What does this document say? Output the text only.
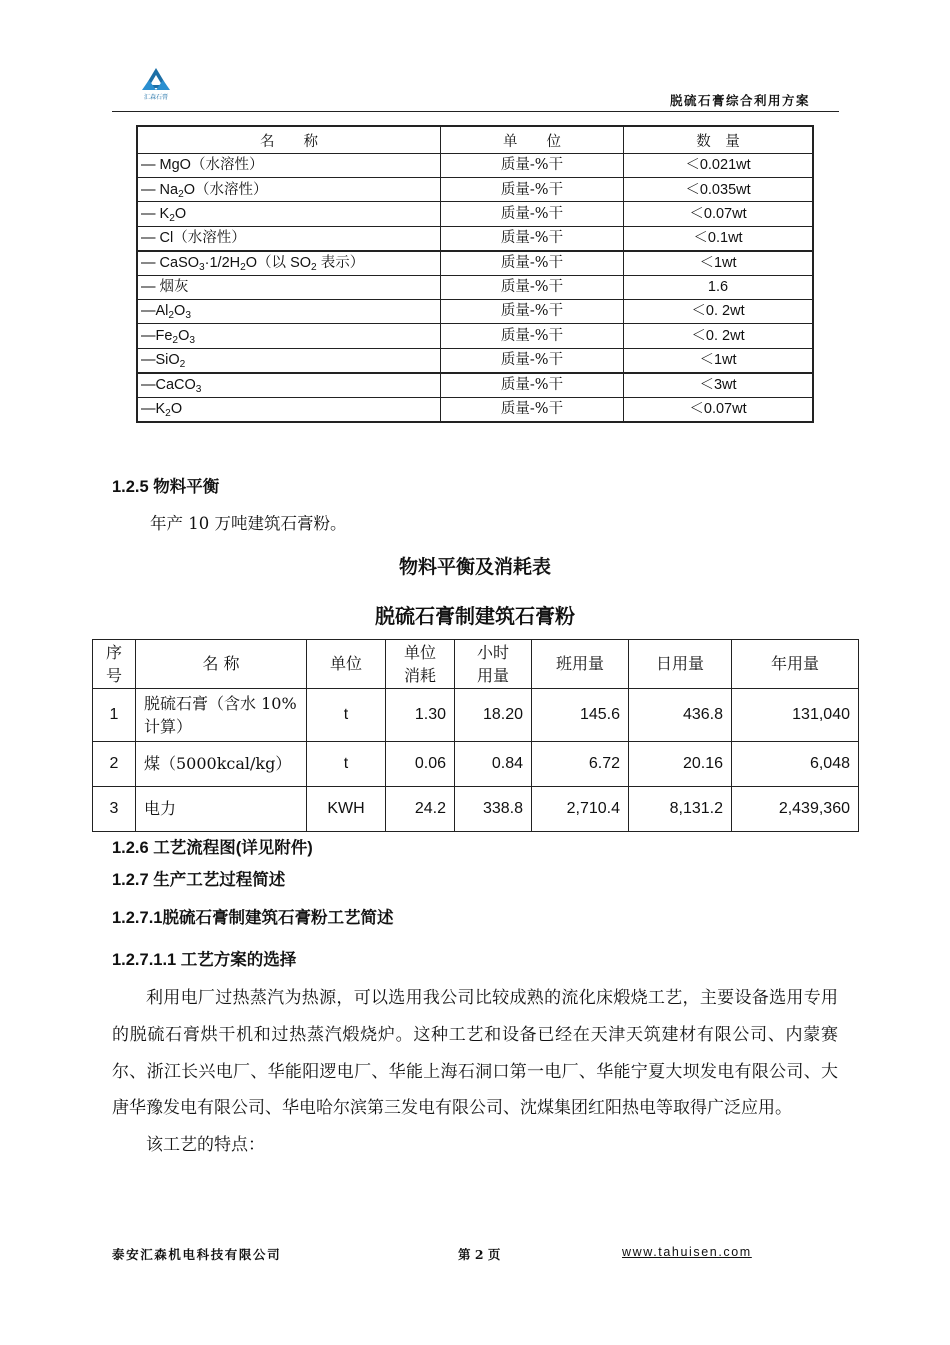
汇森石膏	脱硫石膏综合利用方案
名　　称	单　　位	数　量
— MgO（水溶性）	质量-%干	＜0.021wt
— $Na_2O$（水溶性）	质量-%干	＜0.035wt
— $K_2O$	质量-%干	＜0.07wt
— Cl（水溶性）	质量-%干	＜0.1wt
— $CaSO_3\cdot 1/2H_2O$（以 $SO_2$ 表示）	质量-%干	＜1wt
— 烟灰	质量-%干	1.6
$—Al_2O_3$	质量-%干	＜0. 2wt
$—Fe_2O_3$	质量-%干	＜0. 2wt
—SiO$_2$	质量-%干	＜1wt
—CaCO$_3$	质量-%干	＜3wt
$—K_2O$	质量-%干	＜0.07wt
1.2.5 物料平衡
年产 10 万吨建筑石膏粉。
物料平衡及消耗表
脱硫石膏制建筑石膏粉
序号	名 称	单位	单位消耗	小时用量	班用量	日用量	年用量
1	脱硫石膏（含水 10%计算）	t	1.30	18.20	145.6	436.8	131,040
2	煤（5000kcal/kg）	t	0.06	0.84	6.72	20.16	6,048
3	电力	KWH	24.2	338.8	2,710.4	8,131.2	2,439,360
1.2.6 工艺流程图(详见附件)
1.2.7 生产工艺过程简述
1.2.7.1脱硫石膏制建筑石膏粉工艺简述
1.2.7.1.1 工艺方案的选择

利用电厂过热蒸汽为热源，可以选用我公司比较成熟的流化床煅烧工艺，主要设备选用专用的脱硫石膏烘干机和过热蒸汽煅烧炉。这种工艺和设备已经在天津天筑建材有限公司、内蒙赛尔、浙江长兴电厂、华能阳逻电厂、华能上海石洞口第一电厂、华能宁夏大坝发电有限公司、大唐华豫发电有限公司、华电哈尔滨第三发电有限公司、沈煤集团红阳热电等取得广泛应用。

该工艺的特点：

泰安汇森机电科技有限公司	第 2 页	www.tahuisen.com
